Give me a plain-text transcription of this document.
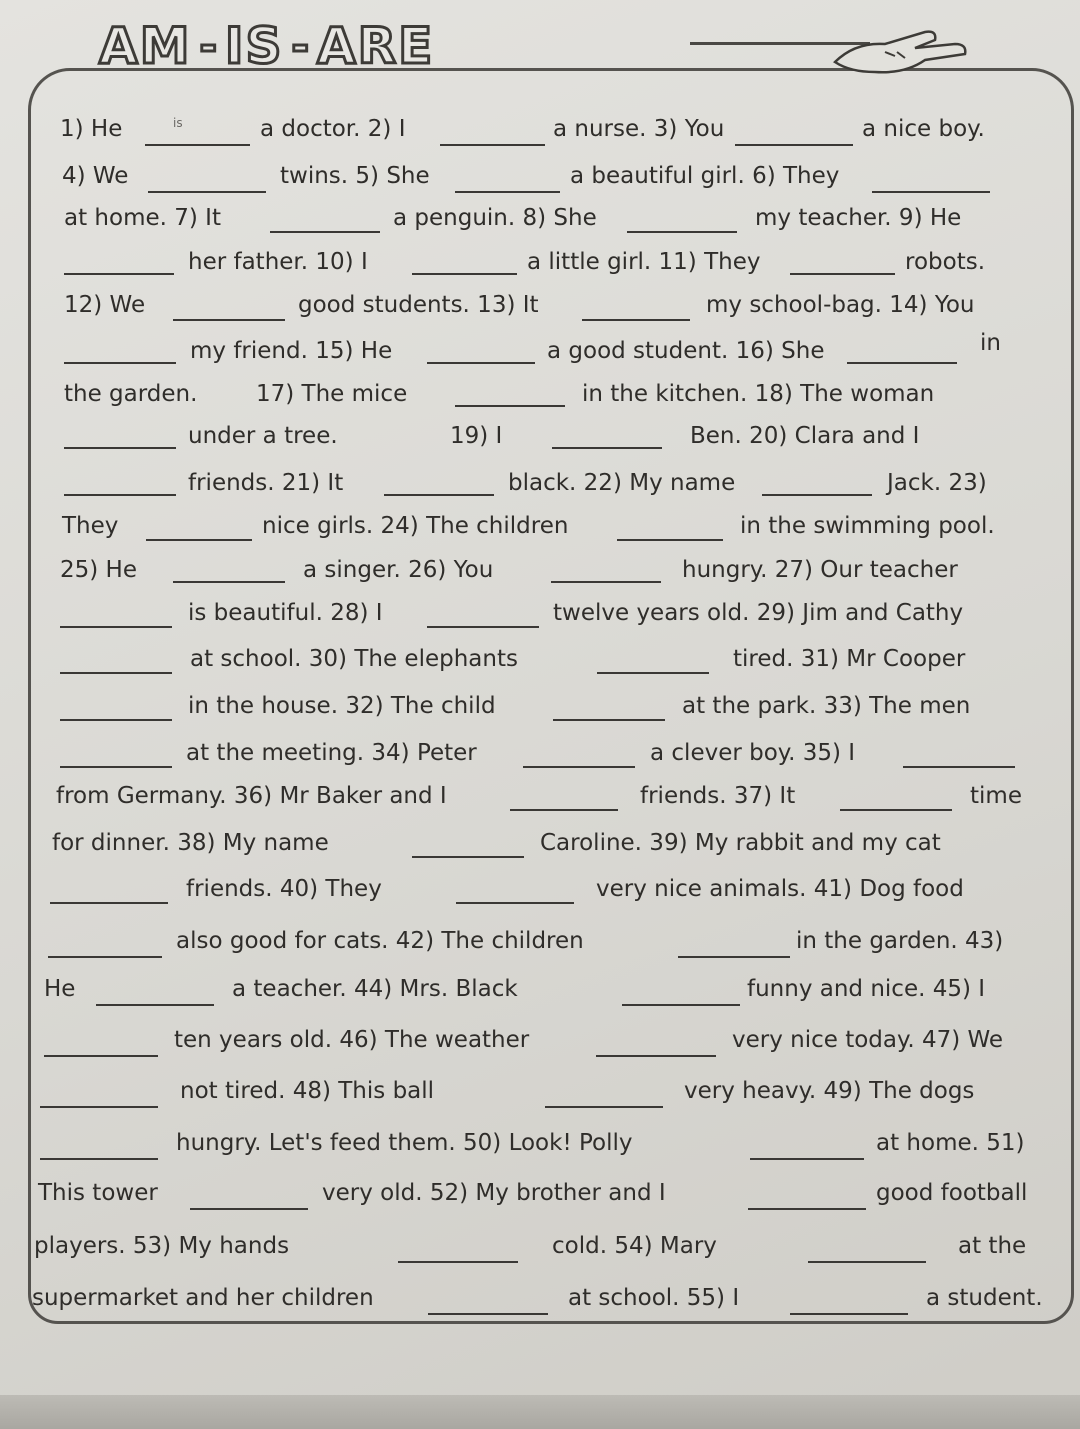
AM - IS - ARE
1) He	is	a doctor. 2) I	a nurse. 3) You	a nice boy.
4) We	twins. 5) She	a beautiful girl. 6) They
at home. 7) It	a penguin. 8) She	my teacher. 9) He
her father. 10) I	a little girl. 11) They	robots.
12) We	good students. 13) It	my school-bag. 14) You
my friend. 15) He	a good student. 16) She	in
the garden.	17) The mice	in the kitchen. 18) The woman
under a tree.	19) I	Ben. 20) Clara and I
friends. 21) It	black. 22) My name	Jack. 23)
They	nice girls. 24) The children	in the swimming pool.
25) He	a singer. 26) You	hungry. 27) Our teacher
is beautiful. 28) I	twelve years old. 29) Jim and Cathy
at school. 30) The elephants	tired. 31) Mr Cooper
in the house. 32) The child	at the park. 33) The men
at the meeting. 34) Peter	a clever boy. 35) I
from Germany. 36) Mr Baker and I	friends. 37) It	time
for dinner. 38) My name	Caroline. 39) My rabbit and my cat
friends. 40) They	very nice animals. 41) Dog food
also good for cats. 42) The children	in the garden. 43)
He	a teacher. 44) Mrs. Black	funny and nice. 45) I
ten years old. 46) The weather	very nice today. 47) We
not tired. 48) This ball	very heavy. 49) The dogs
hungry. Let's feed them. 50) Look! Polly	at home. 51)
This tower	very old. 52) My brother and I	good football
players. 53) My hands	cold. 54) Mary	at the
supermarket and her children	at school. 55) I	a student.
